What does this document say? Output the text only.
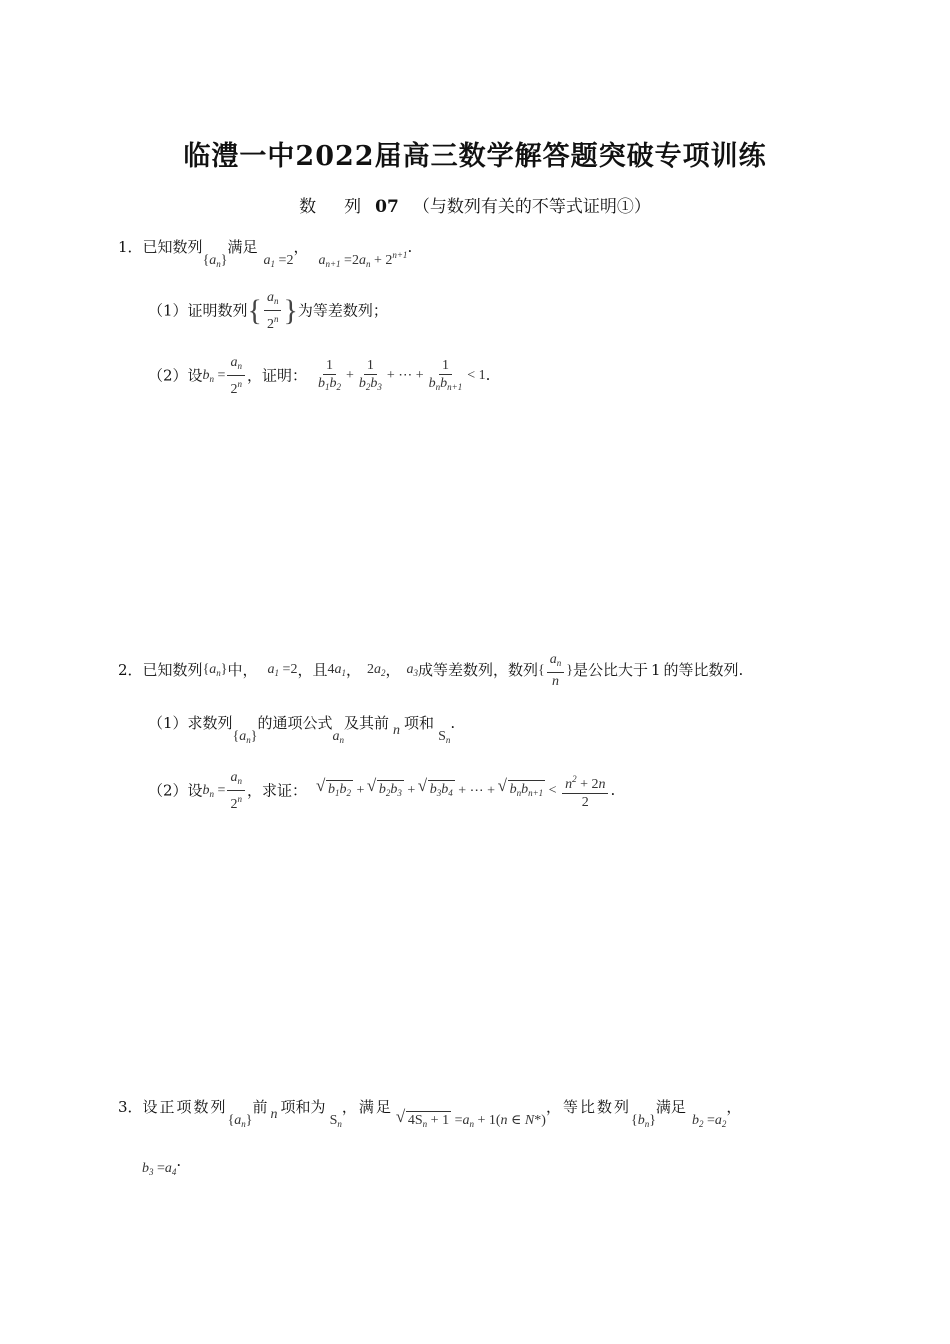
临澧一中2022届高三数学解答题突破专项训练
数 列 07 （与数列有关的不等式证明①）
1．已知数列$\{a_n\}$满足$a_1 =2$，$a_{n+1} =2a_n + 2^{n+1}$.
（1）证明数列{ $\frac{a_n}{2^n}$ }为等差数列；
（2）设$b_n = \frac{a_n}{2^n}$ ，证明： $\frac{1}{b_1b_2} + \frac{1}{b_2b_3}$ + ⋯ + $\frac{1}{b_nb_{n+1}} < 1$.
2．已知数列$\{a_n\}$中， $a_1 =2$，且$4a_1$， $2a_2$， $a_3$成等差数列，数列{ $\frac{a_n}{n}$ }是公比大于 1 的等比数列.
（1）求数列$\{a_n\}$的通项公式$a_n$及其前 n 项和$S_n$.
（2）设$b_n = \frac{a_n}{2^n}$ ，求证：√ $b_1b_2$ + √ $b_2b_3$ + √ $b_3b_4$ + ⋯ + √ $b_nb_{n+1} < \frac{n^2 + 2n}{2}$ .
3．设正项数列$\{a_n\}$前 n 项和为$S_n$，满足√ $4S_n + 1 =a_n + 1(n$ ∈ N*)，等比数列$\{b_n\}$满足$b_2 =a_2$，
$b_3 =a_4$.
